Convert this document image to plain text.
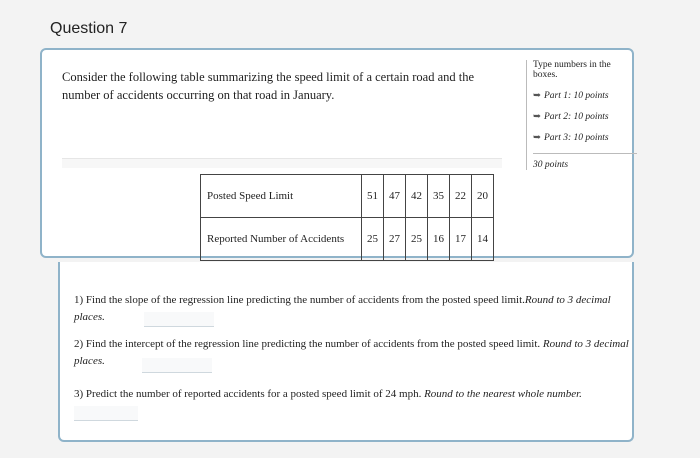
Question 7
Consider the following table summarizing the speed limit of a certain road and the number of accidents occurring on that road in January.
Type numbers in the boxes.
➥ Part 1: 10 points
➥ Part 2: 10 points
➥ Part 3: 10 points
30 points
Posted Speed Limit	51	47	42	35	22	20
Reported Number of Accidents	25	27	25	16	17	14
1) Find the slope of the regression line predicting the number of accidents from the posted speed limit.Round to 3 decimal places.
2) Find the intercept of the regression line predicting the number of accidents from the posted speed limit. Round to 3 decimal places.
3) Predict the number of reported accidents for a posted speed limit of 24 mph. Round to the nearest whole number.
